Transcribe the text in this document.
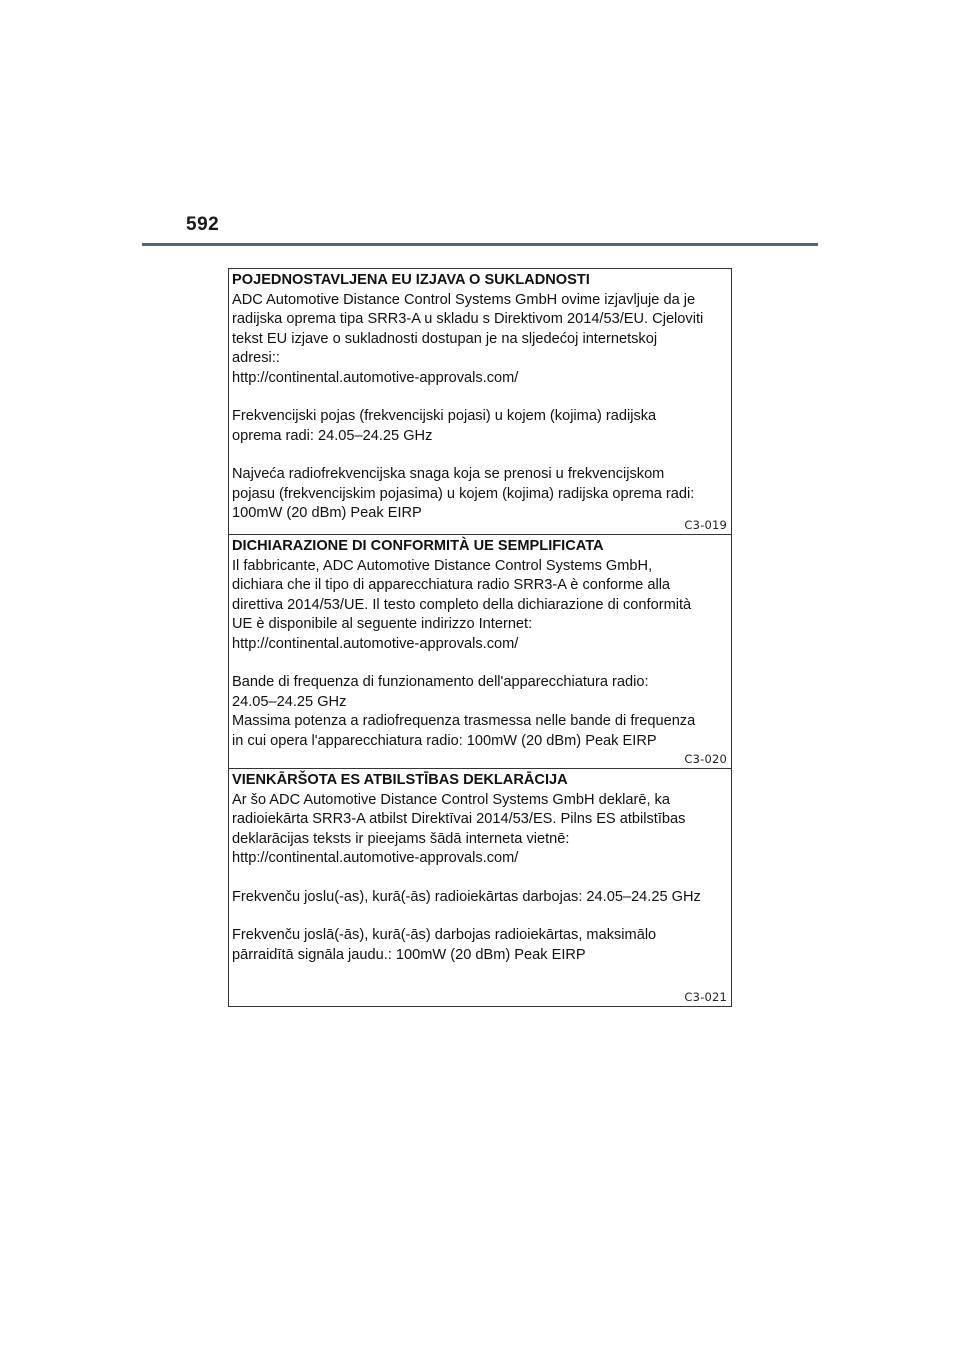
592
POJEDNOSTAVLJENA EU IZJAVA O SUKLADNOSTI
ADC Automotive Distance Control Systems GmbH ovime izjavljuje da je
radijska oprema tipa SRR3-A u skladu s Direktivom 2014/53/EU. Cjeloviti
tekst EU izjave o sukladnosti dostupan je na sljedećoj internetskoj
adresi::
http://continental.automotive-approvals.com/
Frekvencijski pojas (frekvencijski pojasi) u kojem (kojima) radijska
oprema radi: 24.05–24.25 GHz
Najveća radiofrekvencijska snaga koja se prenosi u frekvencijskom
pojasu (frekvencijskim pojasima) u kojem (kojima) radijska oprema radi:
100mW (20 dBm) Peak EIRP
C3-019
DICHIARAZIONE DI CONFORMITÀ UE SEMPLIFICATA
Il fabbricante, ADC Automotive Distance Control Systems GmbH,
dichiara che il tipo di apparecchiatura radio SRR3-A è conforme alla
direttiva 2014/53/UE. Il testo completo della dichiarazione di conformità
UE è disponibile al seguente indirizzo Internet:
http://continental.automotive-approvals.com/
Bande di frequenza di funzionamento dell'apparecchiatura radio:
24.05–24.25 GHz
Massima potenza a radiofrequenza trasmessa nelle bande di frequenza
in cui opera l'apparecchiatura radio: 100mW (20 dBm) Peak EIRP
C3-020
VIENKĀRŠOTA ES ATBILSTĪBAS DEKLARĀCIJA
Ar šo ADC Automotive Distance Control Systems GmbH deklarē, ka
radioiekārta SRR3-A atbilst Direktīvai 2014/53/ES. Pilns ES atbilstības
deklarācijas teksts ir pieejams šādā interneta vietnē:
http://continental.automotive-approvals.com/
Frekvenču joslu(-as), kurā(-ās) radioiekārtas darbojas: 24.05–24.25 GHz
Frekvenču joslā(-ās), kurā(-ās) darbojas radioiekārtas, maksimālo
pārraidītā signāla jaudu.: 100mW (20 dBm) Peak EIRP
C3-021
